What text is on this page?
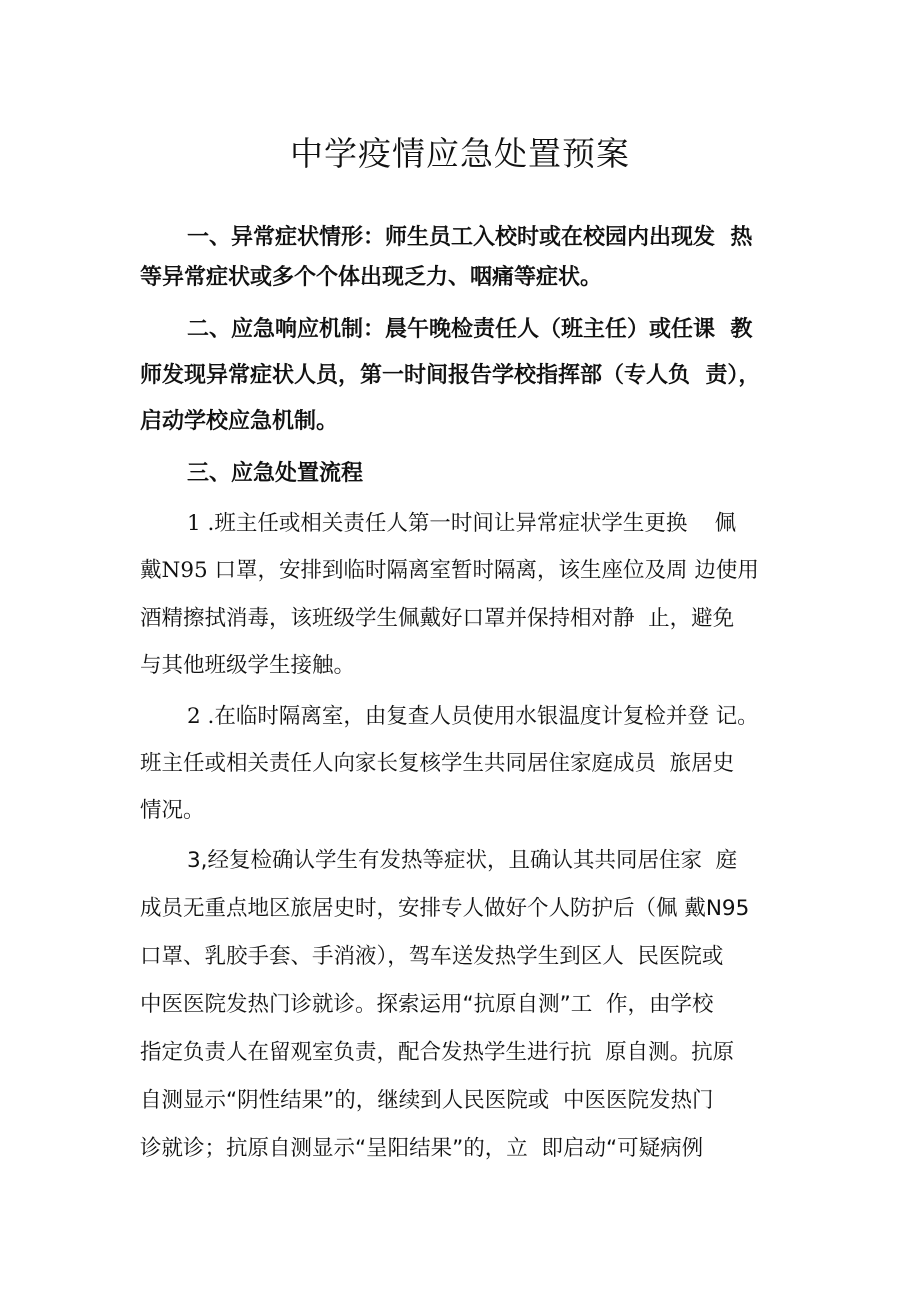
中学疫情应急处置预案

一、异常症状情形：师生员工入校时或在校园内出现发  热

等异常症状或多个个体出现乏力、咽痛等症状。

二、应急响应机制：晨午晚检责任人（班主任）或任课  教

师发现异常症状人员，第一时间报告学校指挥部（专人负  责），

启动学校应急机制。

三、应急处置流程

1 .班主任或相关责任人第一时间让异常症状学生更换    佩

戴N95 口罩，安排到临时隔离室暂时隔离，该生座位及周 边使用

酒精擦拭消毒，该班级学生佩戴好口罩并保持相对静  止，避免

与其他班级学生接触。

2 .在临时隔离室，由复查人员使用水银温度计复检并登 记。

班主任或相关责任人向家长复核学生共同居住家庭成员  旅居史

情况。

3,经复检确认学生有发热等症状，且确认其共同居住家  庭

成员无重点地区旅居史时，安排专人做好个人防护后（佩 戴N95

口罩、乳胶手套、手消液），驾车送发热学生到区人  民医院或

中医医院发热门诊就诊。探索运用“抗原自测”工  作，由学校

指定负责人在留观室负责，配合发热学生进行抗  原自测。抗原

自测显示“阴性结果”的，继续到人民医院或  中医医院发热门

诊就诊；抗原自测显示“呈阳结果”的，立  即启动“可疑病例
